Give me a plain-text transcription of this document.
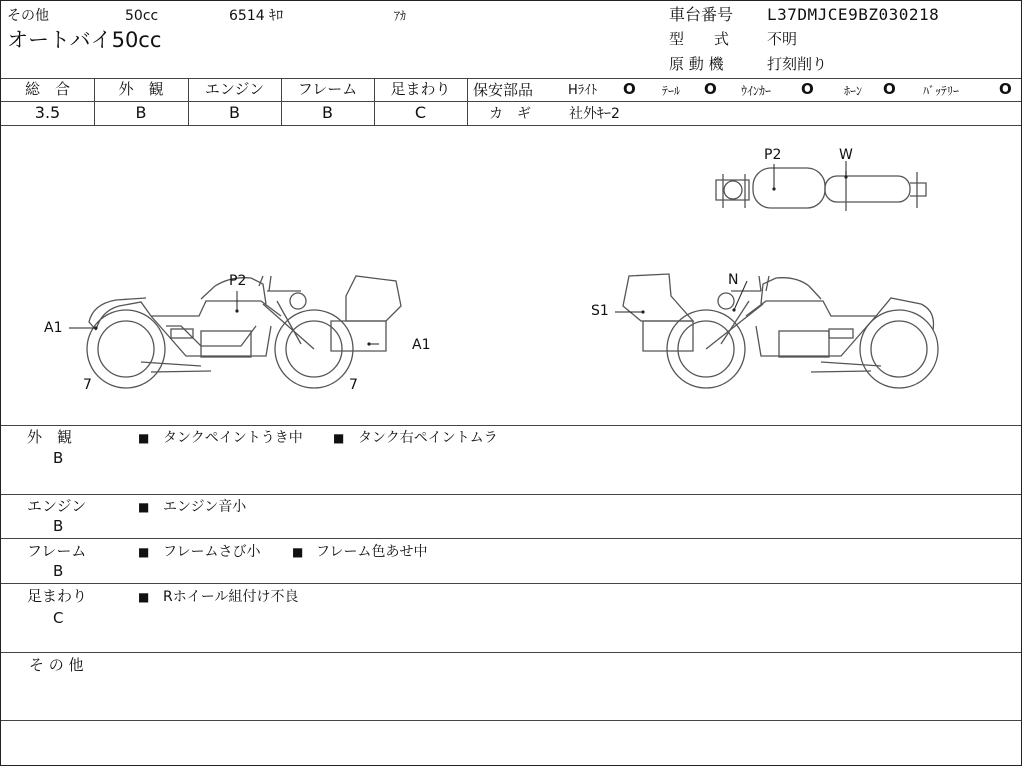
その他	50cc	6514 ｷﾛ	ｱｶ
オートバイ50cc
車台番号 L37DMJCE9BZ030218
型　　式	不明
原 動 機	打刻削り
総　合	外　観	エンジン	フレーム	足まわり
3.5	B	B	B	C
保安部品	Hﾗｲﾄ O ﾃｰﾙ O ｳｲﾝｶｰ O	ﾎｰﾝ O ﾊﾞｯﾃﾘｰ	O
カ　ギ	社外ｷｰ2
P2
A1
A1
7	7
N
S1
P2	W
外　観
B
■ タンクペイントうき中	■ タンク右ペイントムラ
エンジン
B
■ エンジン音小
フレーム
B
■ フレームさび小	■ フレーム色あせ中
足まわり
C
■ Rホイール組付け不良
そ の 他
